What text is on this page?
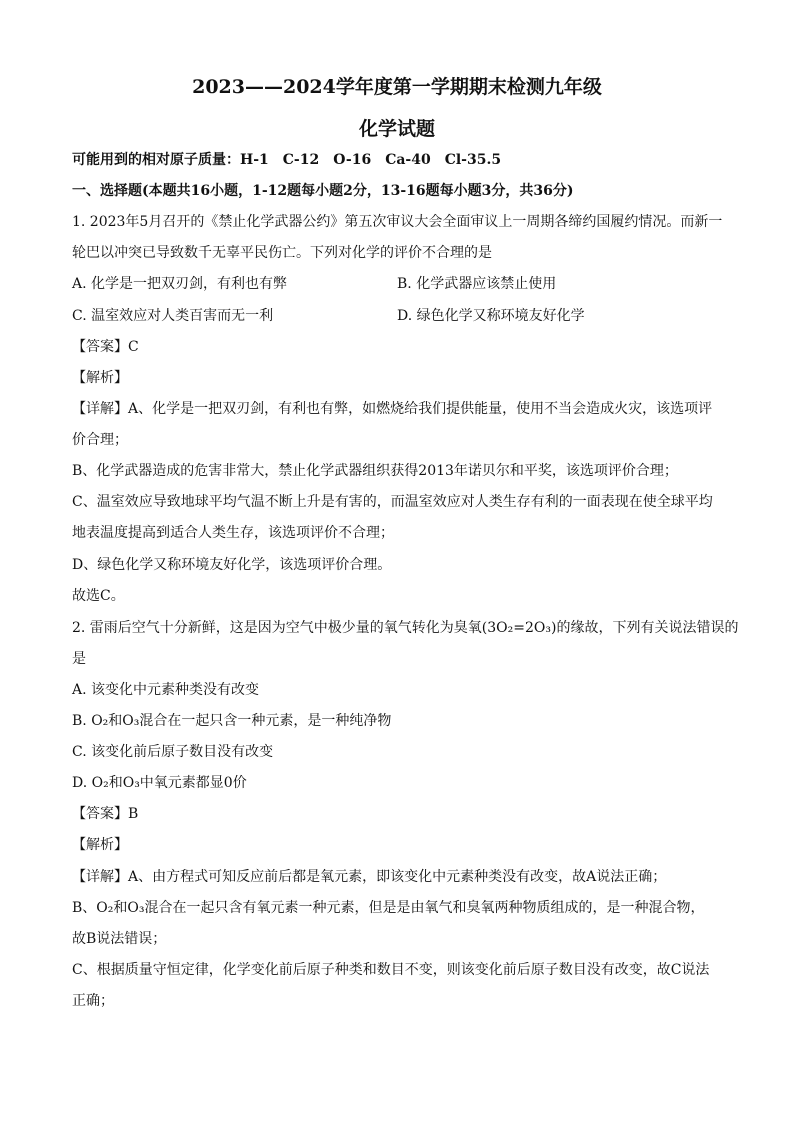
2023——2024学年度第一学期期末检测九年级
化学试题
可能用到的相对原子质量：H-1　C-12　O-16　Ca-40　Cl-35.5
一、选择题(本题共16小题，1-12题每小题2分，13-16题每小题3分，共36分)
1. 2023年5月召开的《禁止化学武器公约》第五次审议大会全面审议上一周期各缔约国履约情况。而新一
轮巴以冲突已导致数千无辜平民伤亡。下列对化学的评价不合理的是
A. 化学是一把双刃剑，有利也有弊	B. 化学武器应该禁止使用
C. 温室效应对人类百害而无一利	D. 绿色化学又称环境友好化学
【答案】C
【解析】
【详解】A、化学是一把双刃剑，有利也有弊，如燃烧给我们提供能量，使用不当会造成火灾，该选项评
价合理；
B、化学武器造成的危害非常大，禁止化学武器组织获得2013年诺贝尔和平奖，该选项评价合理；
C、温室效应导致地球平均气温不断上升是有害的，而温室效应对人类生存有利的一面表现在使全球平均
地表温度提高到适合人类生存，该选项评价不合理；
D、绿色化学又称环境友好化学，该选项评价合理。
故选C。
2. 雷雨后空气十分新鲜，这是因为空气中极少量的氧气转化为臭氧(3O₂=2O₃)的缘故，下列有关说法错误的
是
A. 该变化中元素种类没有改变
B. O₂和O₃混合在一起只含一种元素，是一种纯净物
C. 该变化前后原子数目没有改变
D. O₂和O₃中氧元素都显0价
【答案】B
【解析】
【详解】A、由方程式可知反应前后都是氧元素，即该变化中元素种类没有改变，故A说法正确；
B、O₂和O₃混合在一起只含有氧元素一种元素，但是是由氧气和臭氧两种物质组成的，是一种混合物，
故B说法错误；
C、根据质量守恒定律，化学变化前后原子种类和数目不变，则该变化前后原子数目没有改变，故C说法
正确；
